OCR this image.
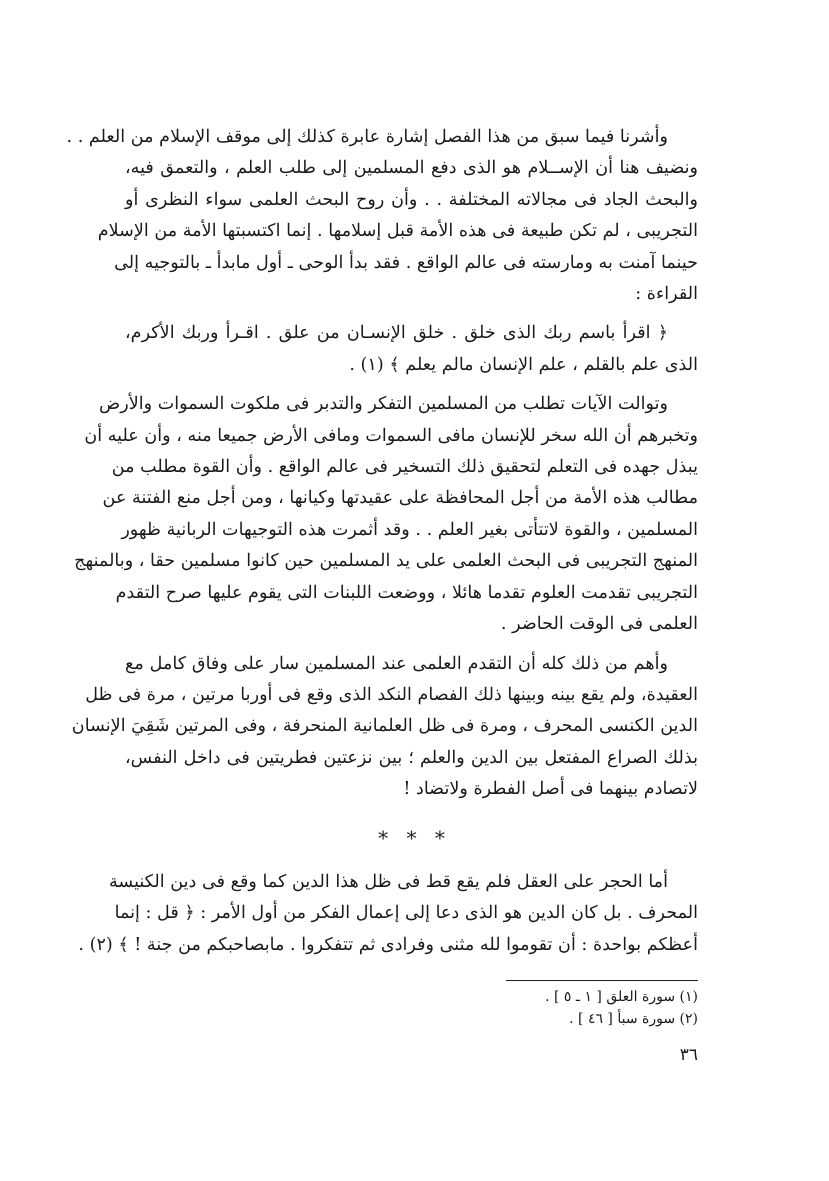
وأشرنا فيما سبق من هذا الفصل إشارة عابرة كذلك إلى موقف الإسلام من العلم . .
ونضيف هنا أن الإســلام هو الذى دفع المسلمين إلى طلب العلم ، والتعمق فيه،
والبحث الجاد فى مجالاته المختلفة . . وأن روح البحث العلمى سواء النظرى أو
التجريبى ، لم تكن طبيعة فى هذه الأمة قبل إسلامها . إنما اكتسبتها الأمة من الإسلام
حينما آمنت به ومارسته فى عالم الواقع . فقد بدأ الوحى ـ أول مابدأ ـ بالتوجيه إلى
القراءة :
﴿ اقرأ باسم ربك الذى خلق . خلق الإنسـان من علق . اقـرأ وربك الأكرم،
الذى علم بالقلم ، علم الإنسان مالم يعلم ﴾ (١) .
وتوالت الآيات تطلب من المسلمين التفكر والتدبر فى ملكوت السموات والأرض
وتخبرهم أن الله سخر للإنسان مافى السموات ومافى الأرض جميعا منه ، وأن عليه أن
يبذل جهده فى التعلم لتحقيق ذلك التسخير فى عالم الواقع . وأن القوة مطلب من
مطالب هذه الأمة من أجل المحافظة على عقيدتها وكيانها ، ومن أجل منع الفتنة عن
المسلمين ، والقوة لاتتأتى بغير العلم . . وقد أثمرت هذه التوجيهات الربانية ظهور
المنهج التجريبى فى البحث العلمى على يد المسلمين حين كانوا مسلمين حقا ، وبالمنهج
التجريبى تقدمت العلوم تقدما هائلا ، ووضعت اللبنات التى يقوم عليها صرح التقدم
العلمى فى الوقت الحاضر .
وأهم من ذلك كله أن التقدم العلمى عند المسلمين سار على وفاق كامل مع
العقيدة، ولم يقع بينه وبينها ذلك الفصام النكد الذى وقع فى أوربا مرتين ، مرة فى ظل
الدين الكنسى المحرف ، ومرة فى ظل العلمانية المنحرفة ، وفى المرتين شَقِيَ الإنسان
بذلك الصراع المفتعل بين الدين والعلم ؛ بين نزعتين فطريتين فى داخل النفس،
لاتصادم بينهما فى أصل الفطرة ولاتضاد !
* * *
أما الحجر على العقل فلم يقع قط فى ظل هذا الدين كما وقع فى دين الكنيسة
المحرف . بل كان الدين هو الذى دعا إلى إعمال الفكر من أول الأمر : ﴿ قل : إنما
أعظكم بواحدة : أن تقوموا لله مثنى وفرادى ثم تتفكروا . مابصاحبكم من جنة ! ﴾ (٢) .
(١) سورة العلق [ ١ ـ ٥ ] .
(٢) سورة سبأ [ ٤٦ ] .
٣٦
